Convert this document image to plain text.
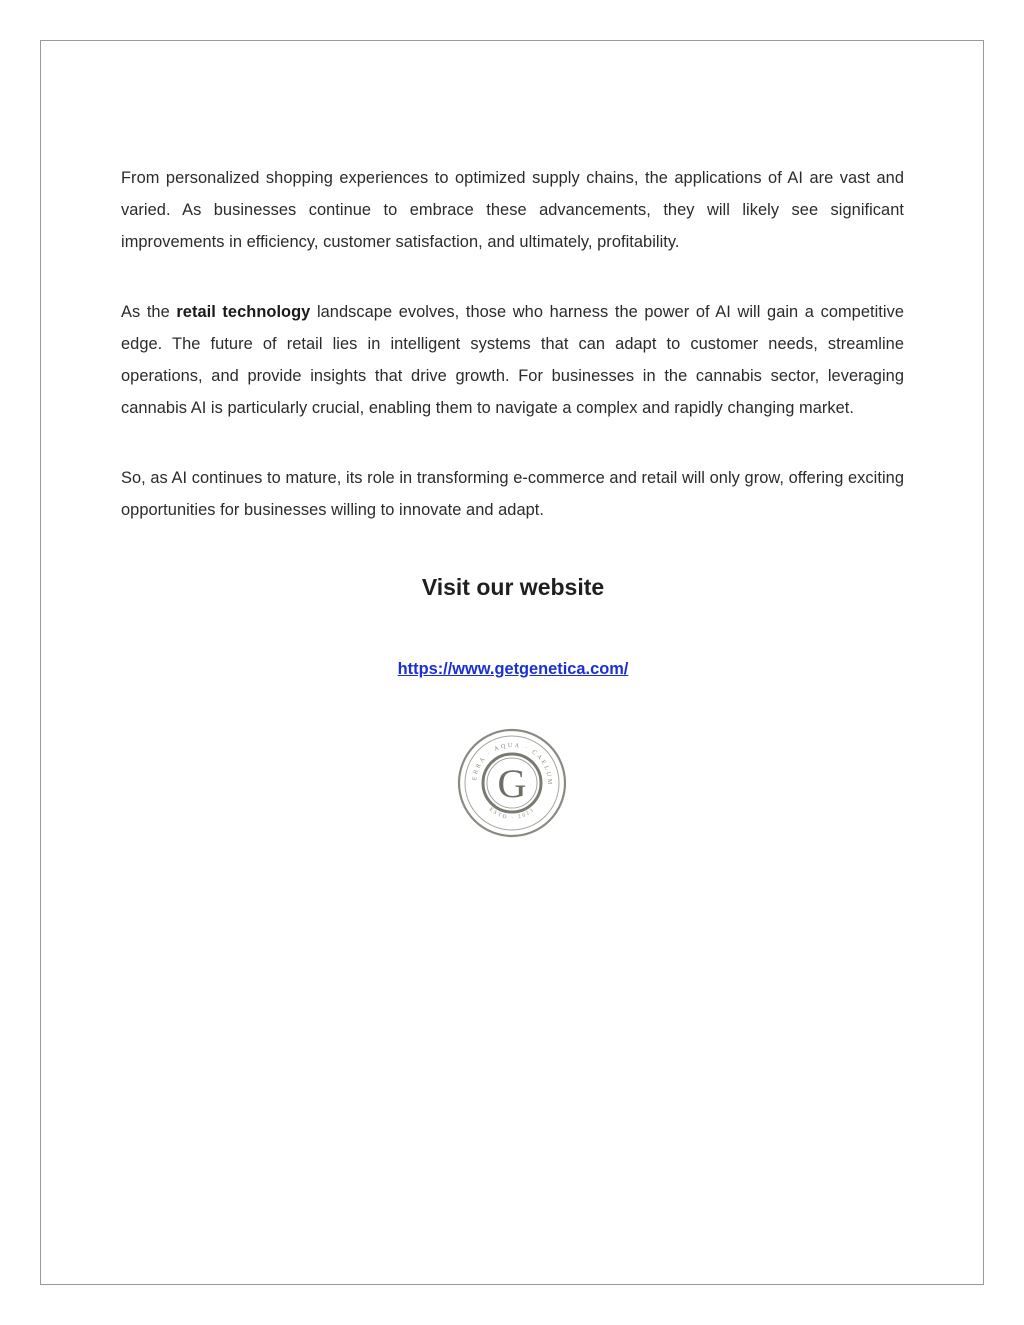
From personalized shopping experiences to optimized supply chains, the applications of AI are vast and varied. As businesses continue to embrace these advancements, they will likely see significant improvements in efficiency, customer satisfaction, and ultimately, profitability.

As the retail technology landscape evolves, those who harness the power of AI will gain a competitive edge. The future of retail lies in intelligent systems that can adapt to customer needs, streamline operations, and provide insights that drive growth. For businesses in the cannabis sector, leveraging cannabis AI is particularly crucial, enabling them to navigate a complex and rapidly changing market.

So, as AI continues to mature, its role in transforming e-commerce and retail will only grow, offering exciting opportunities for businesses willing to innovate and adapt.

Visit our website
https://www.getgenetica.com/
ERRA · AQUA · CAELUM
ESTD · 2023
G
